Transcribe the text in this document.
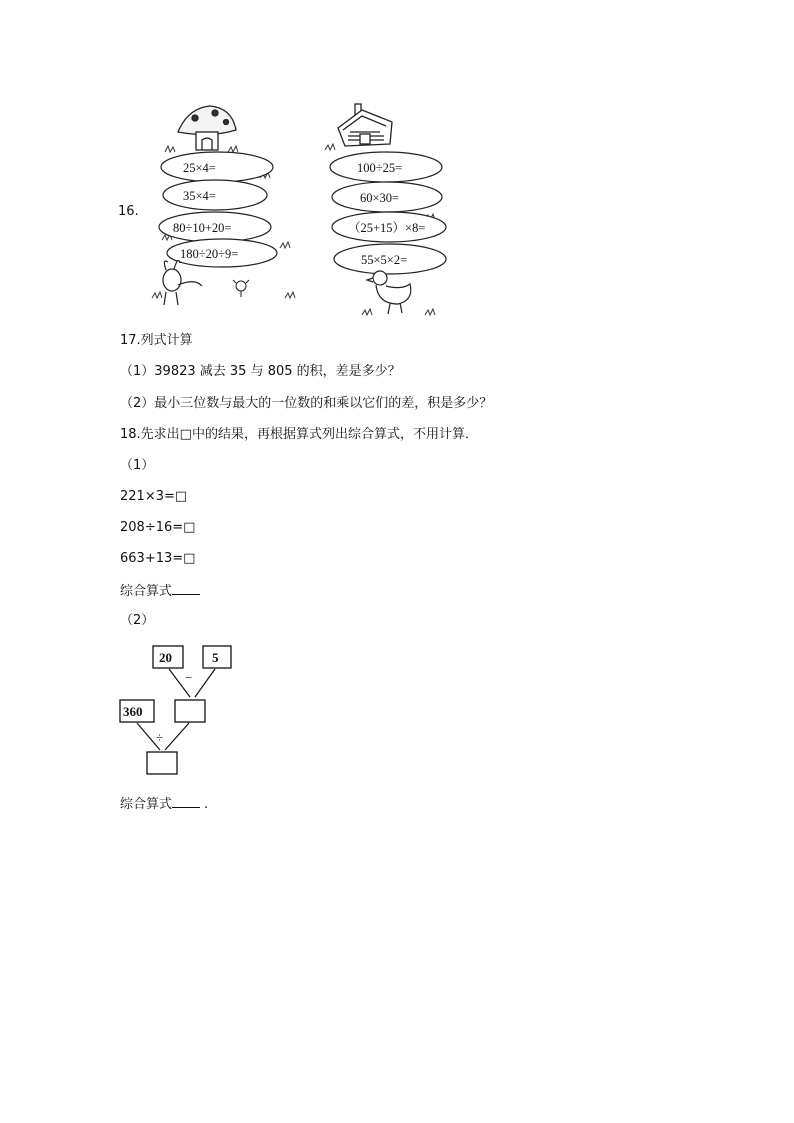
16.
25×4=
35×4=
80÷10+20=
180÷20÷9=
100÷25=
60×30=
（25+15）×8=
55×5×2=
17.列式计算
（1）39823 减去 35 与 805 的积，差是多少？
（2）最小三位数与最大的一位数的和乘以它们的差，积是多少？
18.先求出□中的结果，再根据算式列出综合算式，不用计算．
（1）
221×3=□
208÷16=□
663+13=□
综合算式
（2）
20	5
−
360
÷
综合算式 .
